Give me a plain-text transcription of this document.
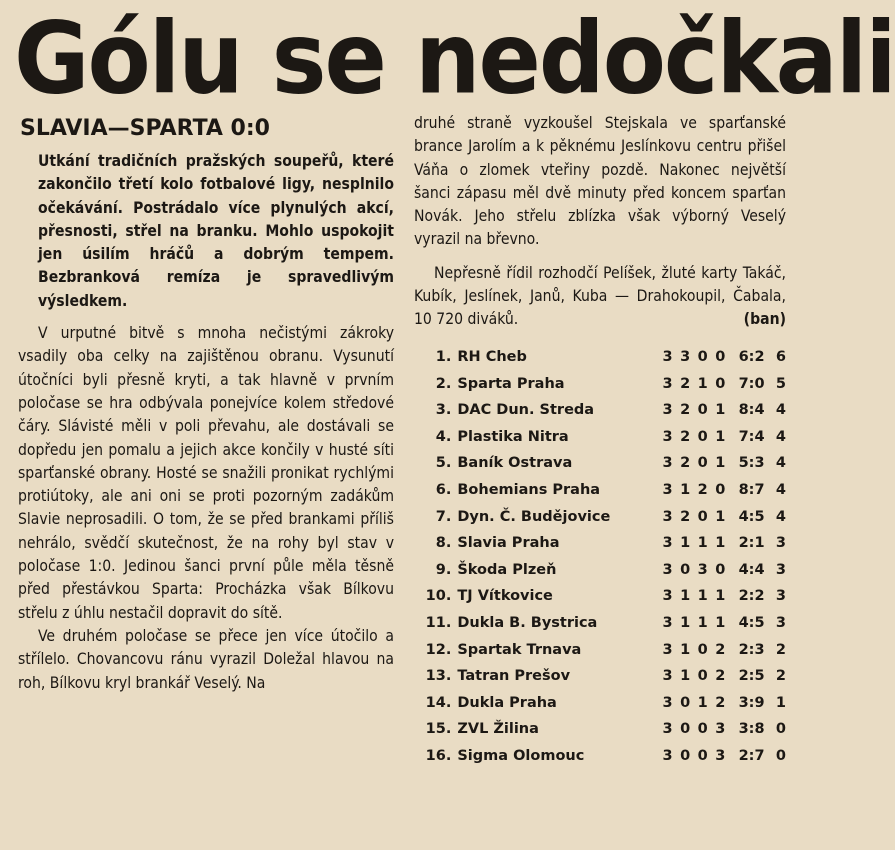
Gólu se nedočkali
SLAVIA—SPARTA 0:0

Utkání tradičních pražských soupeřů, které zakončilo třetí kolo fotbalové ligy, nesplnilo očekávání. Postrádalo více plynulých akcí, přesnosti, střel na branku. Mohlo uspokojit jen úsilím hráčů a dobrým tempem. Bezbranková remíza je spravedlivým výsledkem.

V urputné bitvě s mnoha nečistými zákroky vsadily oba celky na zajištěnou obranu. Vysunutí útočníci byli přesně kryti, a tak hlavně v prvním poločase se hra odbývala ponejvíce kolem středové čáry. Slávisté měli v poli převahu, ale dostávali se dopředu jen pomalu a jejich akce končily v husté síti sparťanské obrany. Hosté se snažili pronikat rychlými protiútoky, ale ani oni se proti pozorným zadákům Slavie neprosadili. O tom, že se před brankami příliš nehrálo, svědčí skutečnost, že na rohy byl stav v poločase 1:0. Jedinou šanci první půle měla těsně před přestávkou Sparta: Procházka však Bílkovu střelu z úhlu nestačil dopravit do sítě.

Ve druhém poločase se přece jen více útočilo a střílelo. Chovancovu ránu vyrazil Doležal hlavou na roh, Bílkovu kryl brankář Veselý. Na

druhé straně vyzkoušel Stejskala ve sparťanské brance Jarolím a k pěknému Jeslínkovu centru přišel Váňa o zlomek vteřiny pozdě. Nakonec největší šanci zápasu měl dvě minuty před koncem sparťan Novák. Jeho střelu zblízka však výborný Veselý vyrazil na břevno.

Nepřesně řídil rozhodčí Pelíšek, žluté karty Takáč, Kubík, Jeslínek, Janů, Kuba — Drahokoupil, Čabala, 10 720 diváků.	(ban)

1.	RH Cheb	3	3	0	0	6:2	6
2.	Sparta Praha	3	2	1	0	7:0	5
3.	DAC Dun. Streda	3	2	0	1	8:4	4
4.	Plastika Nitra	3	2	0	1	7:4	4
5.	Baník Ostrava	3	2	0	1	5:3	4
6.	Bohemians Praha	3	1	2	0	8:7	4
7.	Dyn. Č. Budějovice	3	2	0	1	4:5	4
8.	Slavia Praha	3	1	1	1	2:1	3
9.	Škoda Plzeň	3	0	3	0	4:4	3
10.	TJ Vítkovice	3	1	1	1	2:2	3
11.	Dukla B. Bystrica	3	1	1	1	4:5	3
12.	Spartak Trnava	3	1	0	2	2:3	2
13.	Tatran Prešov	3	1	0	2	2:5	2
14.	Dukla Praha	3	0	1	2	3:9	1
15.	ZVL Žilina	3	0	0	3	3:8	0
16.	Sigma Olomouc	3	0	0	3	2:7	0
